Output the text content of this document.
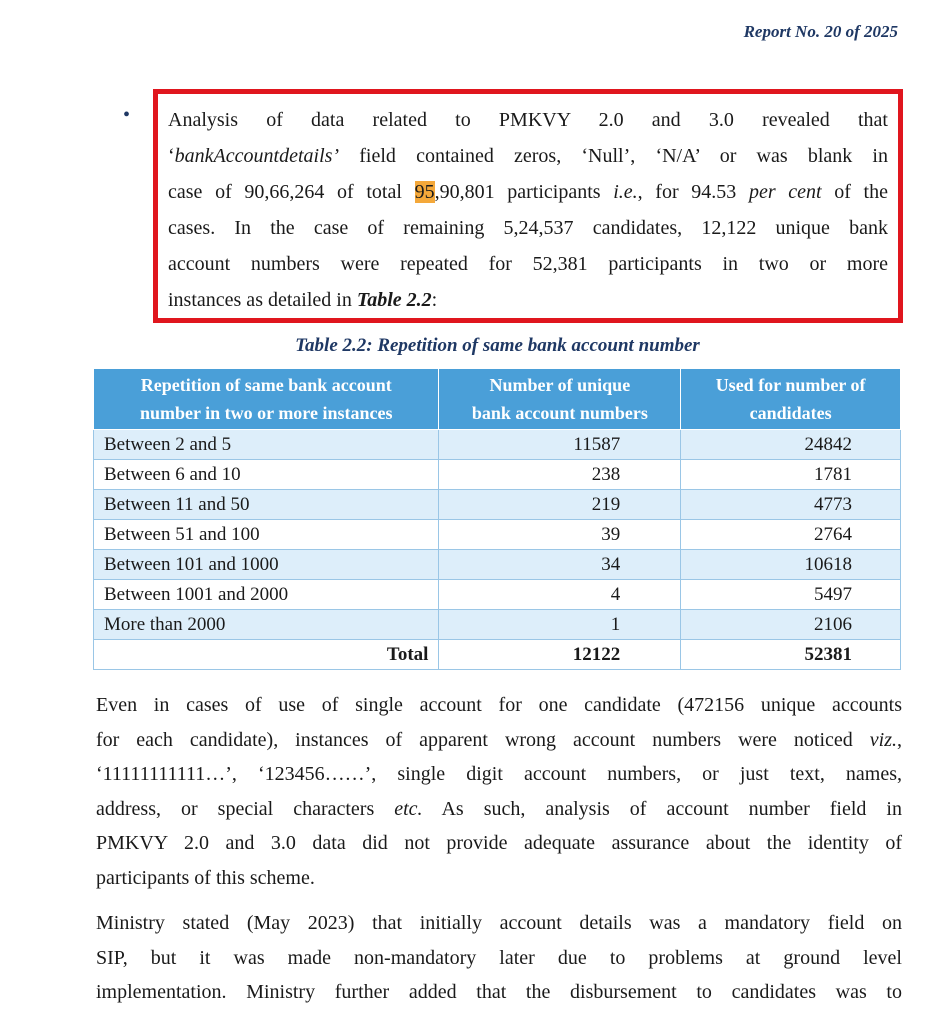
Report No. 20 of 2025
• Analysis of data related to PMKVY 2.0 and 3.0 revealed that
‘bankAccountdetails’ field contained zeros, ‘Null’, ‘N/A’ or was blank in
case of 90,66,264 of total 95,90,801 participants i.e., for 94.53 per cent of the
cases. In the case of remaining 5,24,537 candidates, 12,122 unique bank
account numbers were repeated for 52,381 participants in two or more
instances as detailed in Table 2.2:
Table 2.2: Repetition of same bank account number
Repetition of same bank account
number in two or more instances	Number of unique
bank account numbers	Used for number of
candidates
Between 2 and 5	11587	24842
Between 6 and 10	238	1781
Between 11 and 50	219	4773
Between 51 and 100	39	2764
Between 101 and 1000	34	10618
Between 1001 and 2000	4	5497
More than 2000	1	2106
Total	12122	52381
Even in cases of use of single account for one candidate (472156 unique accounts
for each candidate), instances of apparent wrong account numbers were noticed viz.,
‘11111111111…’, ‘123456……’, single digit account numbers, or just text, names,
address, or special characters etc. As such, analysis of account number field in
PMKVY 2.0 and 3.0 data did not provide adequate assurance about the identity of
participants of this scheme.
Ministry stated (May 2023) that initially account details was a mandatory field on
SIP, but it was made non-mandatory later due to problems at ground level
implementation. Ministry further added that the disbursement to candidates was to
